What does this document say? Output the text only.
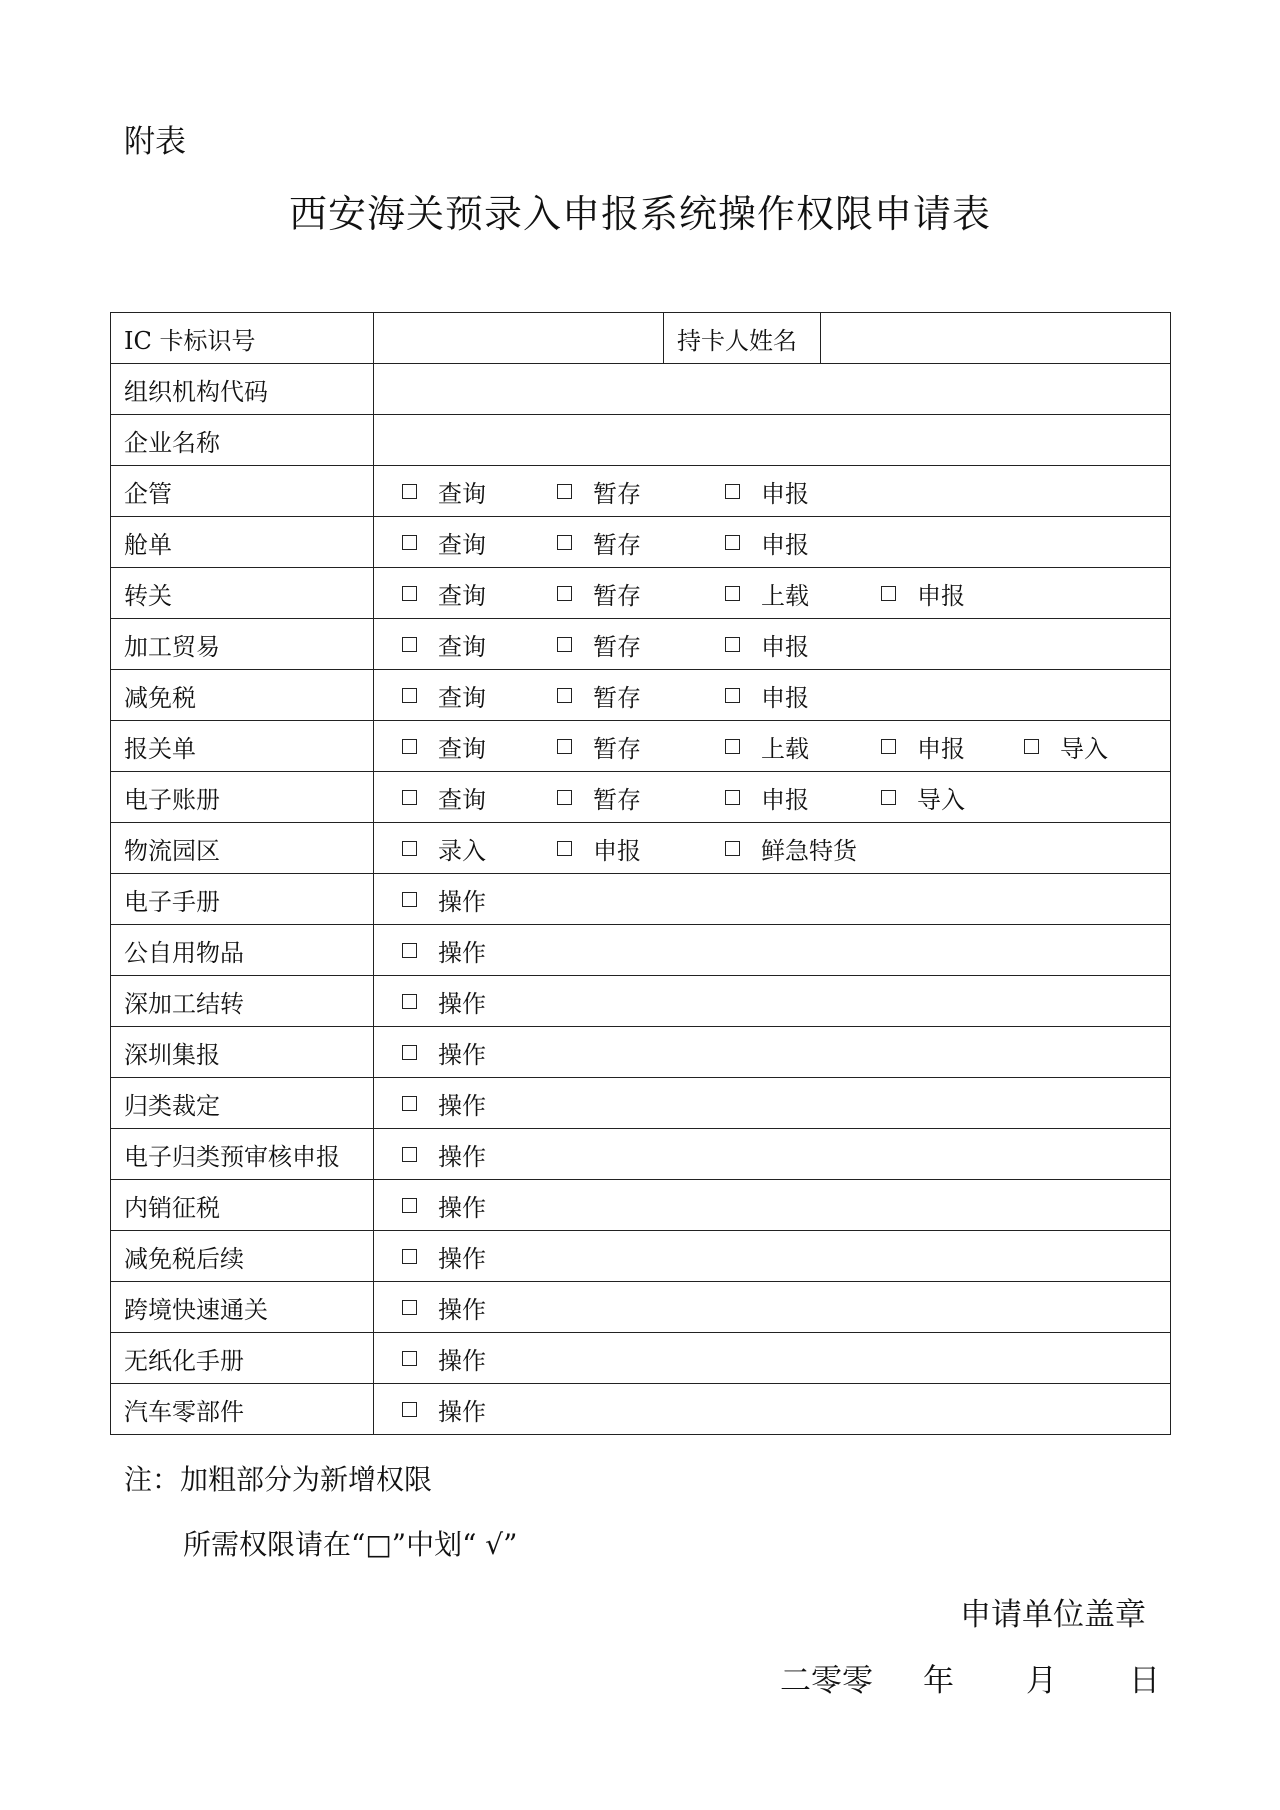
附表
西安海关预录入申报系统操作权限申请表
IC 卡标识号		持卡人姓名	
组织机构代码			
企业名称			
企管	查询 暂存 申报		

舱单	查询 暂存 申报		

转关	查询 暂存 上载 申报		

加工贸易	查询 暂存 申报		

减免税	查询 暂存 申报		

报关单	查询 暂存 上载 申报 导入		

电子账册	查询 暂存 申报 导入		

物流园区	录入 申报 鲜急特货		

电子手册	操作		

公自用物品	操作		

深加工结转	操作		

深圳集报	操作		

归类裁定	操作		

电子归类预审核申报	操作		

内销征税	操作		

减免税后续	操作		

跨境快速通关	操作		

无纸化手册	操作		

汽车零部件	操作		
注：加粗部分为新增权限
所需权限请在“□”中划“ √”
申请单位盖章
二零零 年 月 日
